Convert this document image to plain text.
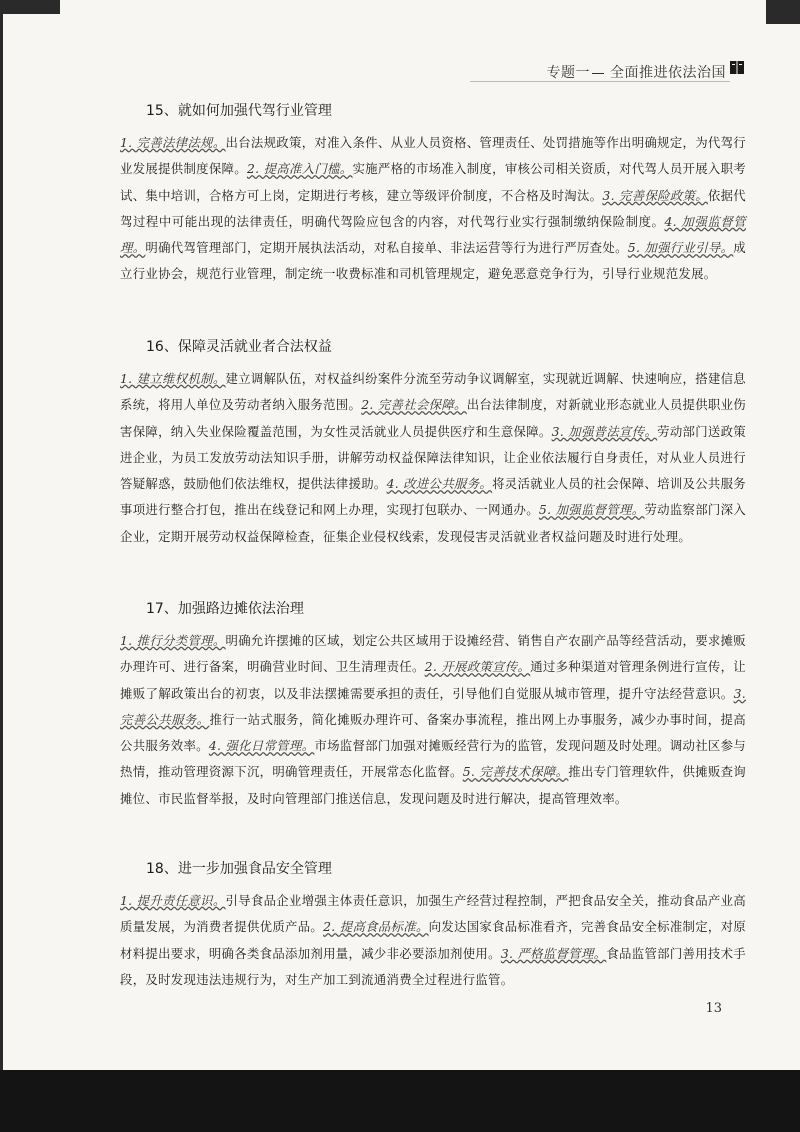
专题一 全面推进依法治国
15、就如何加强代驾行业管理

1. 完善法律法规。出台法规政策，对准入条件、从业人员资格、管理责任、处罚措施等作出明确规定，为代驾行业发展提供制度保障。2. 提高准入门槛。实施严格的市场准入制度，审核公司相关资质，对代驾人员开展入职考试、集中培训，合格方可上岗，定期进行考核，建立等级评价制度，不合格及时淘汰。3. 完善保险政策。依据代驾过程中可能出现的法律责任，明确代驾险应包含的内容，对代驾行业实行强制缴纳保险制度。4. 加强监督管理。明确代驾管理部门，定期开展执法活动，对私自接单、非法运营等行为进行严厉查处。5. 加强行业引导。成立行业协会，规范行业管理，制定统一收费标准和司机管理规定，避免恶意竞争行为，引导行业规范发展。

16、保障灵活就业者合法权益

1. 建立维权机制。建立调解队伍，对权益纠纷案件分流至劳动争议调解室，实现就近调解、快速响应，搭建信息系统，将用人单位及劳动者纳入服务范围。2. 完善社会保障。出台法律制度，对新就业形态就业人员提供职业伤害保障，纳入失业保险覆盖范围，为女性灵活就业人员提供医疗和生意保障。3. 加强普法宣传。劳动部门送政策进企业，为员工发放劳动法知识手册，讲解劳动权益保障法律知识，让企业依法履行自身责任，对从业人员进行答疑解惑，鼓励他们依法维权，提供法律援助。4. 改进公共服务。将灵活就业人员的社会保障、培训及公共服务事项进行整合打包，推出在线登记和网上办理，实现打包联办、一网通办。5. 加强监督管理。劳动监察部门深入企业，定期开展劳动权益保障检查，征集企业侵权线索，发现侵害灵活就业者权益问题及时进行处理。

17、加强路边摊依法治理

1. 推行分类管理。明确允许摆摊的区域，划定公共区域用于设摊经营、销售自产农副产品等经营活动，要求摊贩办理许可、进行备案，明确营业时间、卫生清理责任。2. 开展政策宣传。通过多种渠道对管理条例进行宣传，让摊贩了解政策出台的初衷，以及非法摆摊需要承担的责任，引导他们自觉服从城市管理，提升守法经营意识。3. 完善公共服务。推行一站式服务，简化摊贩办理许可、备案办事流程，推出网上办事服务，减少办事时间，提高公共服务效率。4. 强化日常管理。市场监督部门加强对摊贩经营行为的监管，发现问题及时处理。调动社区参与热情，推动管理资源下沉，明确管理责任，开展常态化监督。5. 完善技术保障。推出专门管理软件，供摊贩查询摊位、市民监督举报，及时向管理部门推送信息，发现问题及时进行解决，提高管理效率。

18、进一步加强食品安全管理

1. 提升责任意识。引导食品企业增强主体责任意识，加强生产经营过程控制，严把食品安全关，推动食品产业高质量发展，为消费者提供优质产品。2. 提高食品标准。向发达国家食品标准看齐，完善食品安全标准制定，对原材料提出要求，明确各类食品添加剂用量，减少非必要添加剂使用。3. 严格监督管理。食品监管部门善用技术手段，及时发现违法违规行为，对生产加工到流通消费全过程进行监管。

13
